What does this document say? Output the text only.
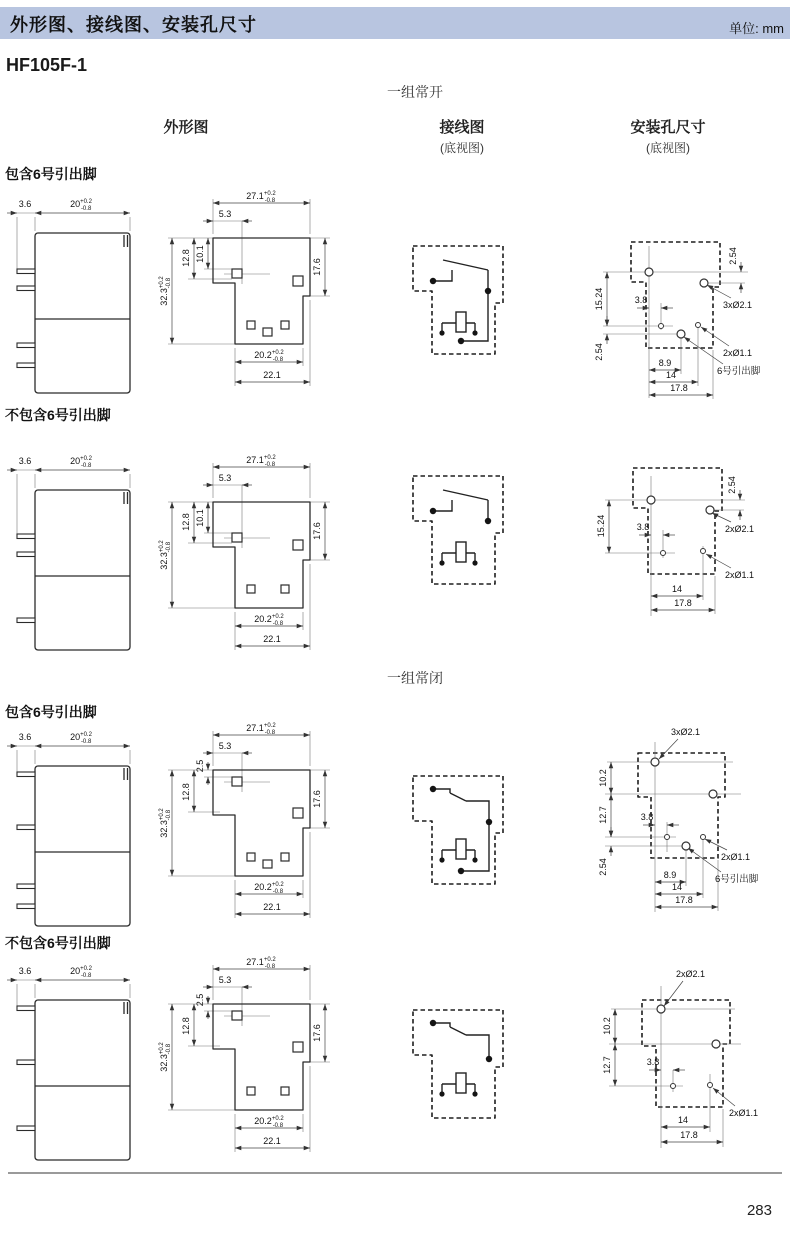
外形图、接线图、安装孔尺寸	单位: mm
HF105F-1
一组常开
外形图	接线图
(底视图)
安装孔尺寸
(底视图)
包含6号引出脚
不包含6号引出脚
一组常闭
包含6号引出脚
不包含6号引出脚
3.6	$20^{+0.2}$ -0.8
$27.1^{+0.2}$ -0.8
5.3
12.8 10.1
$32.3^{+0.2}-0.8$
17.6
$20.2^{+0.2}$ -0.8
22.1
2.54
15.24
2.54
3.8
8.9
14
17.8
3xØ2.1
2xØ1.1
6号引出脚
3.6	$20^{+0.2}$ -0.8
$27.1^{+0.2}$ -0.8
5.3
12.8 10.1
$32.3^{+0.2}-0.8$
17.6
$20.2^{+0.2}$ -0.8
22.1
2.54
15.24	3.8
14
17.8
2xØ2.1
2xØ1.1
3.6	$20^{+0.2}$ -0.8
$27.1^{+0.2}$ -0.8
5.3
2.5
12.8
$32.3^{+0.2}-0.8$
17.6
$20.2^{+0.2}$ -0.8
22.1
3xØ2.1
10.2
12.7
2.54
3.8
8.9
14
17.8
2xØ1.1
6号引出脚
3.6	$20^{+0.2}$ -0.8
$27.1^{+0.2}$ -0.8
5.3
2.5
12.8
$32.3^{+0.2}-0.8$
17.6
$20.2^{+0.2}$ -0.8
22.1
2xØ2.1
10.2
12.7	3.8
14
17.8
2xØ1.1
283
